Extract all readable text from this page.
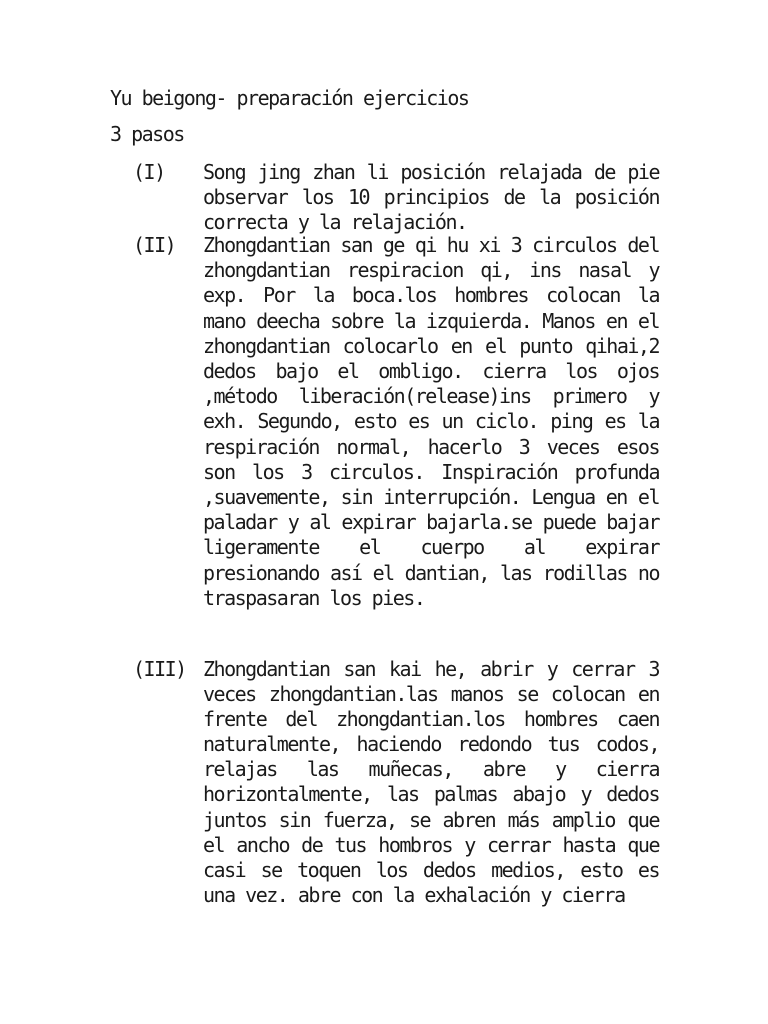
Yu beigong- preparación ejercicios
3 pasos
(I) Song jing zhan li posición relajada de pie observar los 10 principios de la posición correcta y la relajación.
(II) Zhongdantian san ge qi hu xi 3 circulos del zhongdantian respiracion qi, ins nasal y exp. Por la boca.los hombres colocan la mano deecha sobre la izquierda. Manos en el zhongdantian colocarlo en el punto qihai,2 dedos bajo el ombligo. cierra los ojos ,método liberación(release)ins primero y exh. Segundo, esto es un ciclo. ping es la respiración normal, hacerlo 3 veces esos son los 3 circulos. Inspiración profunda ,suavemente, sin interrupción. Lengua en el paladar y al expirar bajarla.se puede bajar ligeramente el cuerpo al expirar presionando así el dantian, las rodillas no traspasaran los pies.
(III) Zhongdantian san kai he, abrir y cerrar 3 veces zhongdantian.las manos se colocan en frente del zhongdantian.los hombres caen naturalmente, haciendo redondo tus codos, relajas las muñecas, abre y cierra horizontalmente, las palmas abajo y dedos juntos sin fuerza, se abren más amplio que el ancho de tus hombros y cerrar hasta que casi se toquen los dedos medios, esto es una vez. abre con la exhalación y cierra
